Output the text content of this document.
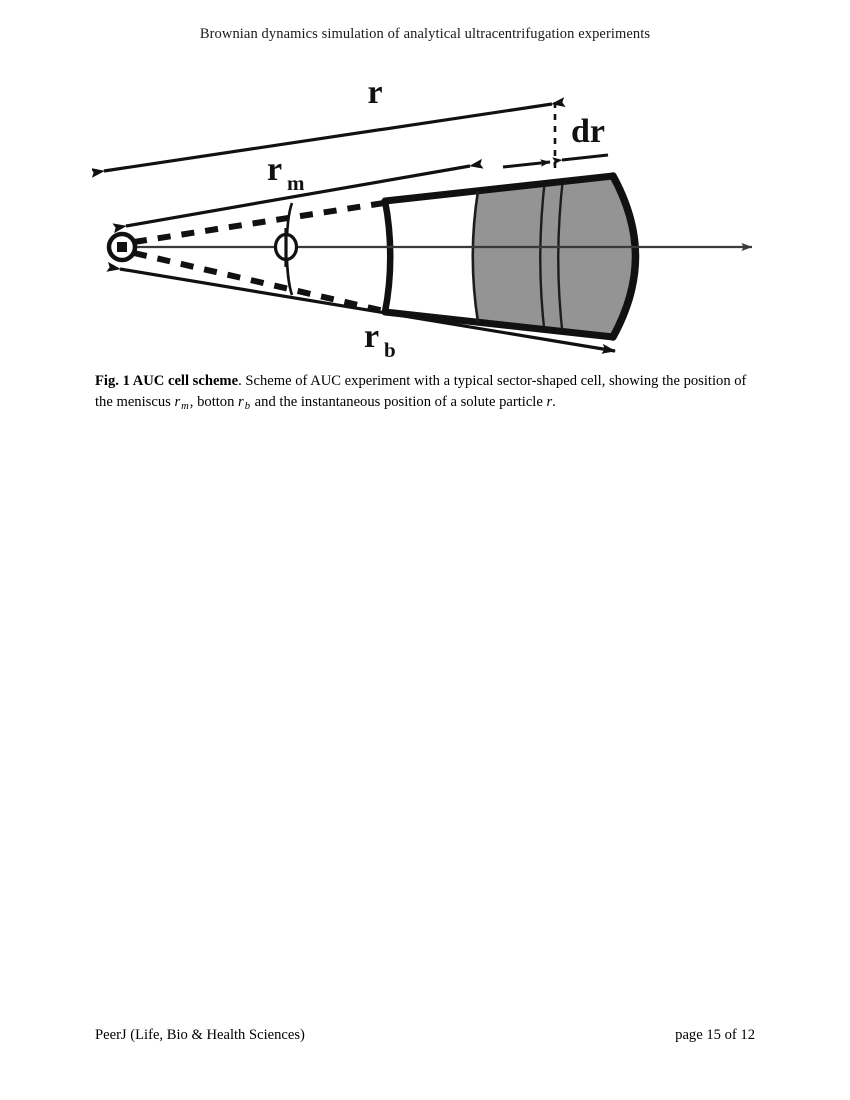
Brownian dynamics simulation of analytical ultracentrifugation experiments
r
r m
r b
dr
Fig. 1 AUC cell scheme. Scheme of AUC experiment with a typical sector-shaped cell, showing the position of the meniscus $r_m$, botton $r_b$ and the instantaneous position of a solute particle r.
PeerJ (Life, Bio & Health Sciences)	page 15 of 12
